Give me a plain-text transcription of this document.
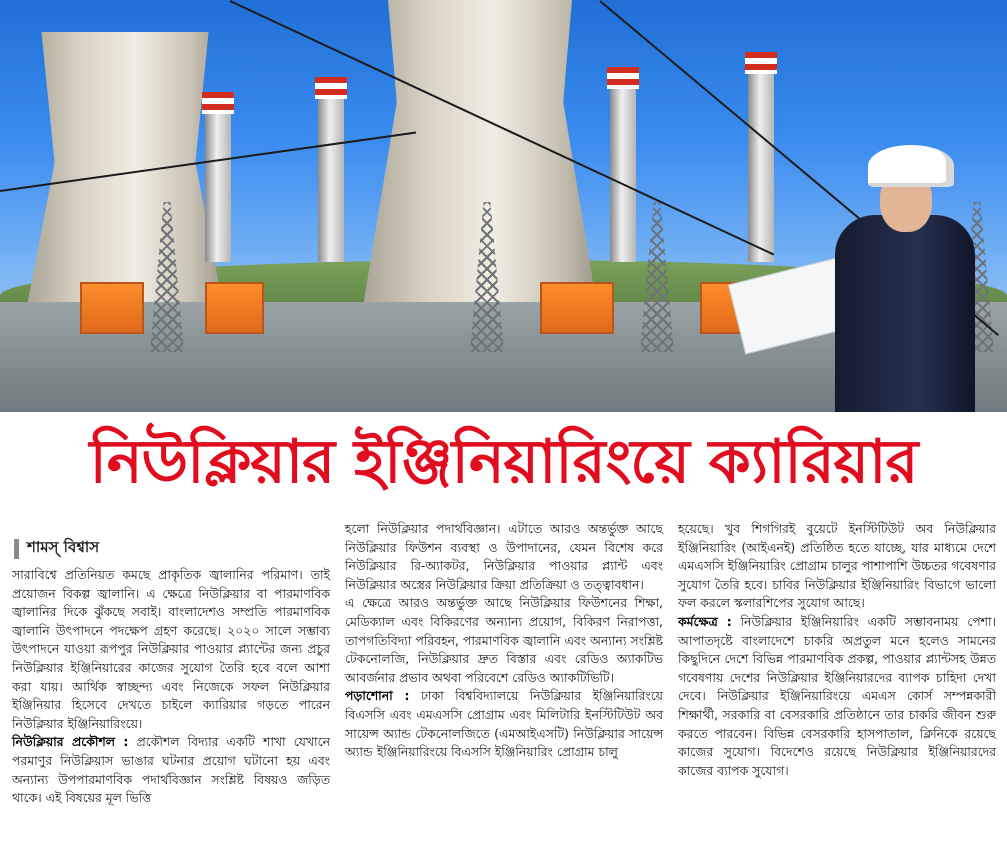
নিউক্লিয়ার ইঞ্জিনিয়ারিংয়ে ক্যারিয়ার
শামস্‌ বিশ্বাস

সারাবিশ্বে প্রতিনিয়ত কমছে প্রাকৃতিক জ্বালানির পরিমাণ। তাই প্রয়োজন বিকল্প জ্বালানি। এ ক্ষেত্রে নিউক্লিয়ার বা পারমাণবিক জ্বালানির দিকে ঝুঁকছে সবাই। বাংলাদেশও সম্প্রতি পারমাণবিক জ্বালানি উৎপাদনে পদক্ষেপ গ্রহণ করেছে। ২০২০ সালে সম্ভাব্য উৎপাদনে যাওয়া রূপপুর নিউক্লিয়ার পাওয়ার প্ল্যান্টের জন্য প্রচুর নিউক্লিয়ার ইঞ্জিনিয়ারের কাজের সুযোগ তৈরি হবে বলে আশা করা যায়। আর্থিক স্বাচ্ছন্দ্য এবং নিজেকে সফল নিউক্লিয়ার ইঞ্জিনিয়ার হিসেবে দেখতে চাইলে ক্যারিয়ার গড়তে পারেন নিউক্লিয়ার ইঞ্জিনিয়ারিংয়ে।

নিউক্লিয়ার প্রকৌশল : প্রকৌশল বিদ্যার একটি শাখা যেখানে পরমাণুর নিউক্লিয়াস ভাঙার ঘটনার প্রয়োগ ঘটানো হয় এবং অন্যান্য উপপারমাণবিক পদার্থবিজ্ঞান সংশ্লিষ্ট বিষয়ও জড়িত থাকে। এই বিষয়ের মূল ভিত্তি

হলো নিউক্লিয়ার পদার্থবিজ্ঞান। এটাতে আরও অন্তর্ভুক্ত আছে নিউক্লিয়ার ফিউশন ব্যবস্থা ও উপাদানের, যেমন বিশেষ করে নিউক্লিয়ার রি-অ্যাকটর, নিউক্লিয়ার পাওয়ার প্ল্যান্ট এবং নিউক্লিয়ার অস্ত্রের নিউক্লিয়ার ক্রিয়া প্রতিক্রিয়া ও তত্ত্বাবধান।

এ ক্ষেত্রে আরও অন্তর্ভুক্ত আছে নিউক্লিয়ার ফিউশনের শিক্ষা, মেডিক্যাল এবং বিকিরণের অন্যান্য প্রয়োগ, বিকিরণ নিরাপত্তা, তাপগতিবিদ্যা পরিবহন, পারমাণবিক জ্বালানি এবং অন্যান্য সংশ্লিষ্ট টেকনোলজি, নিউক্লিয়ার দ্রুত বিস্তার এবং রেডিও অ্যাকটিভ আবর্জনার প্রভাব অথবা পরিবেশে রেডিও অ্যাকটিভিটি।

পড়াশোনা : ঢাকা বিশ্ববিদ্যালয়ে নিউক্লিয়ার ইঞ্জিনিয়ারিংয়ে বিএসসি এবং এমএসসি প্রোগ্রাম এবং মিলিটারি ইনস্টিটিউট অব সায়েন্স অ্যান্ড টেকনোলজিতে (এমআইএসটি) নিউক্লিয়ার সায়েন্স অ্যান্ড ইঞ্জিনিয়ারিংয়ে বিএসসি ইঞ্জিনিয়ারিং প্রোগ্রাম চালু

হয়েছে। খুব শিগগিরই বুয়েটে ইনস্টিটিউট অব নিউক্লিয়ার ইঞ্জিনিয়ারিং (আইএনই) প্রতিষ্ঠিত হতে যাচ্ছে, যার মাধ্যমে দেশে এমএসসি ইঞ্জিনিয়ারিং প্রোগ্রাম চালুর পাশাপাশি উচ্চতর গবেষণার সুযোগ তৈরি হবে। চাবির নিউক্লিয়ার ইঞ্জিনিয়ারিং বিভাগে ভালো ফল করলে স্কলারশিপের সুযোগ আছে।

কর্মক্ষেত্র : নিউক্লিয়ার ইঞ্জিনিয়ারিং একটি সম্ভাবনাময় পেশা। আপাতদৃষ্টে বাংলাদেশে চাকরি অপ্রতুল মনে হলেও সামনের কিছুদিনে দেশে বিভিন্ন পারমাণবিক প্রকল্প, পাওয়ার প্ল্যান্টসহ উন্নত গবেষণায় দেশের নিউক্লিয়ার ইঞ্জিনিয়ারদের ব্যাপক চাহিদা দেখা দেবে। নিউক্লিয়ার ইঞ্জিনিয়ারিংয়ে এমএস কোর্স সম্পন্নকারী শিক্ষার্থী, সরকারি বা বেসরকারি প্রতিষ্ঠানে তার চাকরি জীবন শুরু করতে পারবেন। বিভিন্ন বেসরকারি হাসপাতাল, ক্লিনিকে রয়েছে কাজের সুযোগ। বিদেশেও রয়েছে নিউক্লিয়ার ইঞ্জিনিয়ারদের কাজের ব্যাপক সুযোগ।
